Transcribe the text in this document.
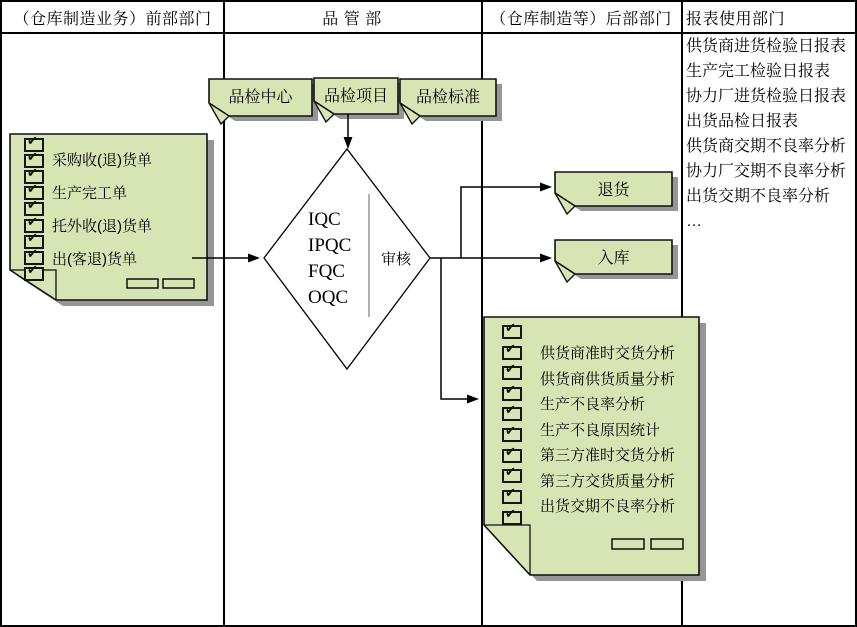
（仓库制造业务）前部部门	品 管 部	（仓库制造等）后部部门 报表使用部门
供货商进货检验日报表
生产完工检验日报表
协力厂进货检验日报表
出货品检日报表
供货商交期不良率分析
协力厂交期不良率分析
出货交期不良率分析
…
✔
✔
✔
✔
✔
✔
✔
✔
✔
采购收(退)货单
生产完工单
托外收(退)货单
出(客退)货单
品检中心	品检项目	品检标准
IQC
IPQC
FQC
OQC
审核
退货
入库
✔
✔
✔
✔
✔
✔
✔
✔
✔
✔
供货商准时交货分析
供货商供货质量分析
生产不良率分析
生产不良原因统计
第三方准时交货分析
第三方交货质量分析
出货交期不良率分析
